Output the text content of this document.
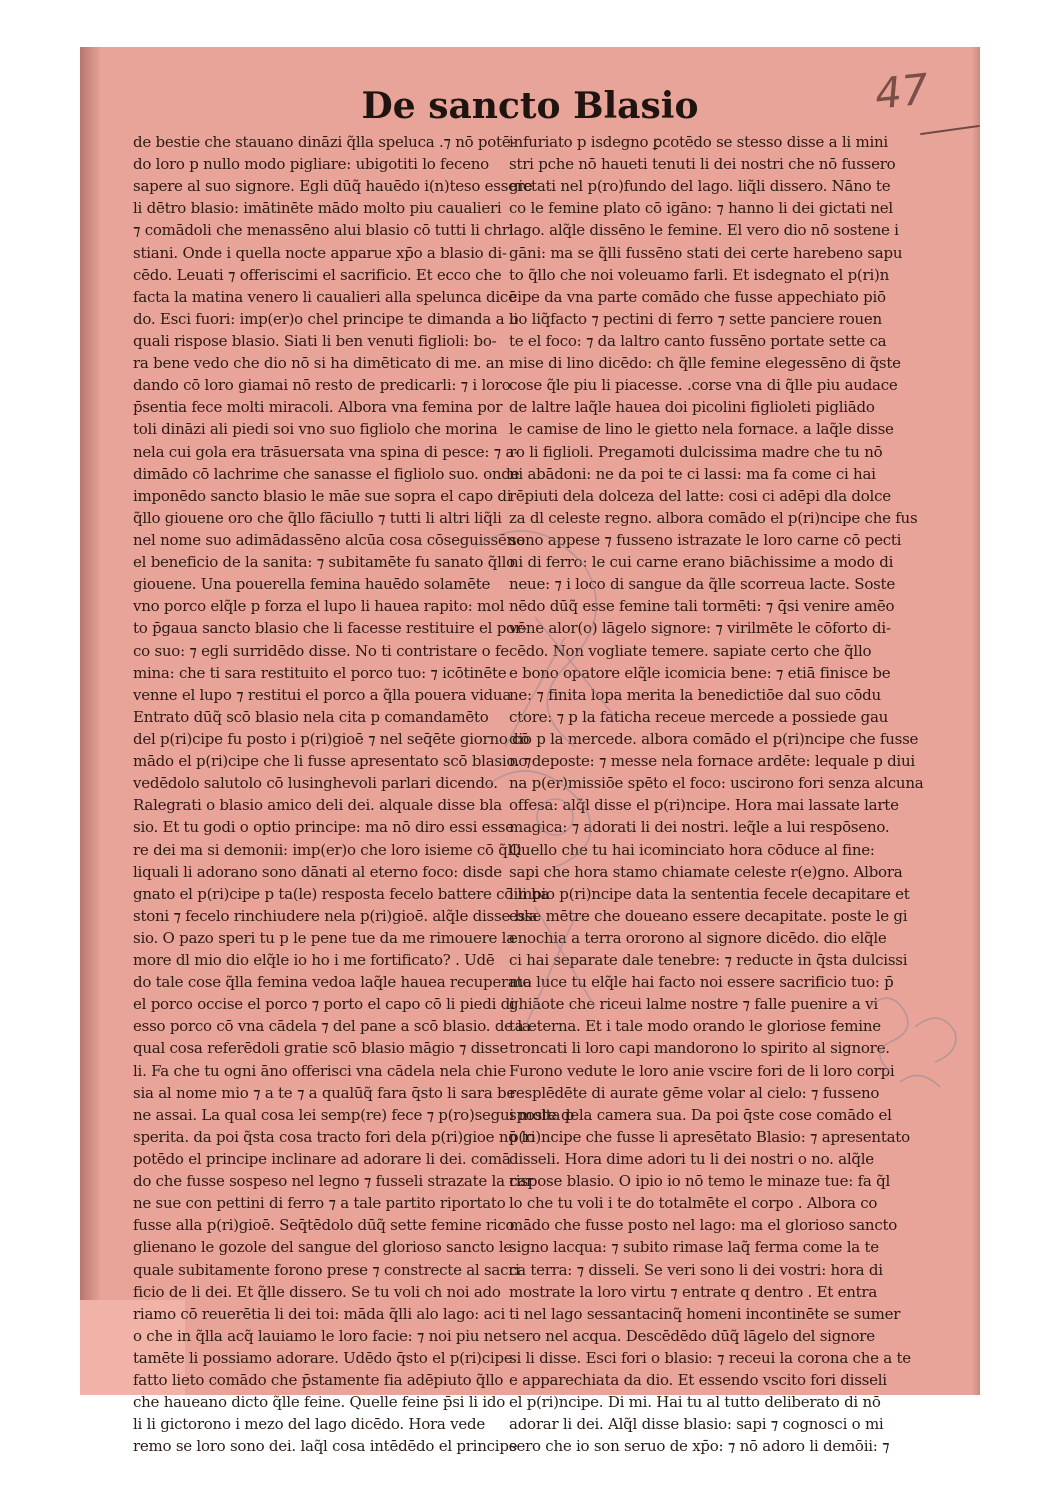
47
De sancto Blasio
de bestie che stauano dināzi q̃lla speluca .⁊ nō potē-
do loro p nullo modo pigliare: ubigotiti lo feceno
sapere al suo signore. Egli dūq̃ hauēdo i(n)teso essere
li dētro blasio: imātinēte mādo molto piu caualieri
⁊ comādoli che menassēno alui blasio cō tutti li chri
stiani. Onde i quella nocte apparue xp̄o a blasio di-
cēdo. Leuati ⁊ offeriscimi el sacrificio. Et ecco che
facta la matina venero li caualieri alla spelunca dicē
do. Esci fuori: imp(er)o chel principe te dimanda a li
quali rispose blasio. Siati li ben venuti figlioli: bo-
ra bene vedo che dio nō si ha dimēticato di me. an
dando cō loro giamai nō resto de predicarli: ⁊ i loro
p̄sentia fece molti miracoli. Albora vna femina por
toli dināzi ali piedi soi vno suo figliolo che morina
nela cui gola era trāsuersata vna spina di pesce: ⁊ a-
dimādo cō lachrime che sanasse el figliolo suo. onde
imponēdo sancto blasio le māe sue sopra el capo di
q̃llo giouene oro che q̃llo fāciullo ⁊ tutti li altri liq̃li
nel nome suo adimādassēno alcūa cosa cōseguissēno
el beneficio de la sanita: ⁊ subitamēte fu sanato q̃llo
giouene. Una pouerella femina hauēdo solamēte
vno porco elq̃le p forza el lupo li hauea rapito: mol
to p̄gaua sancto blasio che li facesse restituire el por-
co suo: ⁊ egli surridēdo disse. No ti contristare o fe
mina: che ti sara restituito el porco tuo: ⁊ icōtinēte
venne el lupo ⁊ restitui el porco a q̃lla pouera vidua
Entrato dūq̃ scō blasio nela cita p comandamēto
del p(ri)cipe fu posto i p(ri)gioē ⁊ nel seq̄ēte giorno cō
mādo el p(ri)cipe che li fusse apresentato scō blasio. ⁊
vedēdolo salutolo cō lusinghevoli parlari dicendo.
Ralegrati o blasio amico deli dei. alquale disse bla
sio. Et tu godi o optio principe: ma nō diro essi esse
re dei ma si demonii: imp(er)o che loro isieme cō q̃lli
liquali li adorano sono dānati al eterno foco: disde
gnato el p(ri)cipe p ta(le) resposta fecelo battere cō li ba
stoni ⁊ fecelo rinchiudere nela p(ri)gioē. alq̃le disse bla
sio. O pazo speri tu p le pene tue da me rimouere la
more dl mio dio elq̃le io ho i me fortificato? . Udē
do tale cose q̃lla femina vedoa laq̃le hauea recuperato
el porco occise el porco ⁊ porto el capo cō li piedi di
esso porco cō vna cādela ⁊ del pane a scō blasio. de la
qual cosa referēdoli gratie scō blasio māgio ⁊ disse
li. Fa che tu ogni āno offerisci vna cādela nela chie
sia al nome mio ⁊ a te ⁊ a qualūq̃ fara q̄sto li sara be
ne assai. La qual cosa lei semp(re) fece ⁊ p(ro)segui molta p
sperita. da poi q̃sta cosa tracto fori dela p(ri)gioe nō lo
potēdo el principe inclinare ad adorare li dei. comā
do che fusse sospeso nel legno ⁊ fusseli strazate la car
ne sue con pettini di ferro ⁊ a tale partito riportato
fusse alla p(ri)gioē. Seq̄tēdolo dūq̃ sette femine rico
glienano le gozole del sangue del glorioso sancto le
quale subitamente forono prese ⁊ constrecte al sacri
ficio de li dei. Et q̃lle dissero. Se tu voli ch noi ado
riamo cō reuerētia li dei toi: māda q̃lli alo lago: aci
o che in q̃lla acq̃ lauiamo le loro facie: ⁊ noi piu net
tamēte li possiamo adorare. Udēdo q̄sto el p(ri)cipe
fatto lieto comādo che p̄stamente fia adēpiuto q̃llo
che haueano dicto q̃lle feine. Quelle feine p̄si li ido
li li gictorono i mezo del lago dicēdo. Hora vede
remo se loro sono dei. laq̃l cosa intēdēdo el principe
infuriato p isdegno ꝑcotēdo se stesso disse a li mini
stri pche nō haueti tenuti li dei nostri che nō fussero
gictati nel p(ro)fundo del lago. liq̃li dissero. Nāno te
co le femine plato cō igāno: ⁊ hanno li dei gictati nel
lago. alq̃le dissēno le femine. El vero dio nō sostene i
gāni: ma se q̃lli fussēno stati dei certe harebeno sapu
to q̃llo che noi voleuamo farli. Et isdegnato el p(ri)n
cipe da vna parte comādo che fusse appechiato piō
bo liq̃facto ⁊ pectini di ferro ⁊ sette panciere rouen
te el foco: ⁊ da laltro canto fussēno portate sette ca
mise di lino dicēdo: ch q̃lle femine elegessēno di q̃ste
cose q̃le piu li piacesse. .corse vna di q̃lle piu audace
de laltre laq̃le hauea doi picolini figlioleti pigliādo
le camise de lino le gietto nela fornace. a laq̃le disse
ro li figlioli. Pregamoti dulcissima madre che tu nō
ni abādoni: ne da poi te ci lassi: ma fa come ci hai
rēpiuti dela dolceza del latte: cosi ci adēpi dla dolce
za dl celeste regno. albora comādo el p(ri)ncipe che fus
seno appese ⁊ fusseno istrazate le loro carne cō pecti
ni di ferro: le cui carne erano biāchissime a modo di
neue: ⁊ i loco di sangue da q̃lle scorreua lacte. Soste
nēdo dūq̃ esse femine tali tormēti: ⁊ q̄si venire amēo
vēne alor(o) lāgelo signore: ⁊ virilmēte le cōforto di-
cēdo. Non vogliate temere. sapiate certo che q̃llo
e bono opatore elq̃le icomicia bene: ⁊ etiā finisce be
ne: ⁊ finita lopa merita la benedictiōe dal suo cōdu
ctore: ⁊ p la faticha receue mercede a possiede gau
dio p la mercede. albora comādo el p(ri)ncipe che fusse
no deposte: ⁊ messe nela fornace ardēte: lequale p diui
na p(er)missiōe spēto el foco: uscirono fori senza alcuna
offesa: alq̃l disse el p(ri)ncipe. Hora mai lassate larte
magica: ⁊ adorati li dei nostri. leq̃le a lui respōseno.
Quello che tu hai icominciato hora cōduce al fine:
sapi che hora stamo chiamate celeste r(e)gno. Albora
limpio p(ri)ncipe data la sententia fecele decapitare et
esse mētre che doueano essere decapitate. poste le gi
enochia a terra ororono al signore dicēdo. dio elq̃le
ci hai separate dale tenebre: ⁊ reducte in q̄sta dulcissi
ma luce tu elq̃le hai facto noi essere sacrificio tuo: p̄
ghiāote che riceui lalme nostre ⁊ falle puenire a vi
ta eterna. Et i tale modo orando le gloriose femine
troncati li loro capi mandorono lo spirito al signore.
Furono vedute le loro anie vscire fori de li loro corpi
resplēdēte di aurate gēme volar al cielo: ⁊ fusseno
sposte dela camera sua. Da poi q̄ste cose comādo el
p(ri)ncipe che fusse li apresētato Blasio: ⁊ apresentato
disseli. Hora dime adori tu li dei nostri o no. alq̃le
rispose blasio. O ipio io nō temo le minaze tue: fa q̃l
lo che tu voli i te do totalmēte el corpo . Albora co
mādo che fusse posto nel lago: ma el glorioso sancto
signo lacqua: ⁊ subito rimase laq̃ ferma come la te
ca terra: ⁊ disseli. Se veri sono li dei vostri: hora di
mostrate la loro virtu ⁊ entrate q dentro . Et entra
ti nel lago sessantacinq̃ homeni incontinēte se sumer
sero nel acqua. Descēdēdo dūq̃ lāgelo del signore
si li disse. Esci fori o blasio: ⁊ receui la corona che a te
e apparechiata da dio. Et essendo vscito fori disseli
el p(ri)ncipe. Di mi. Hai tu al tutto deliberato di nō
adorar li dei. Alq̃l disse blasio: sapi ⁊ cognosci o mi
sero che io son seruo de xp̄o: ⁊ nō adoro li demōii: ⁊
